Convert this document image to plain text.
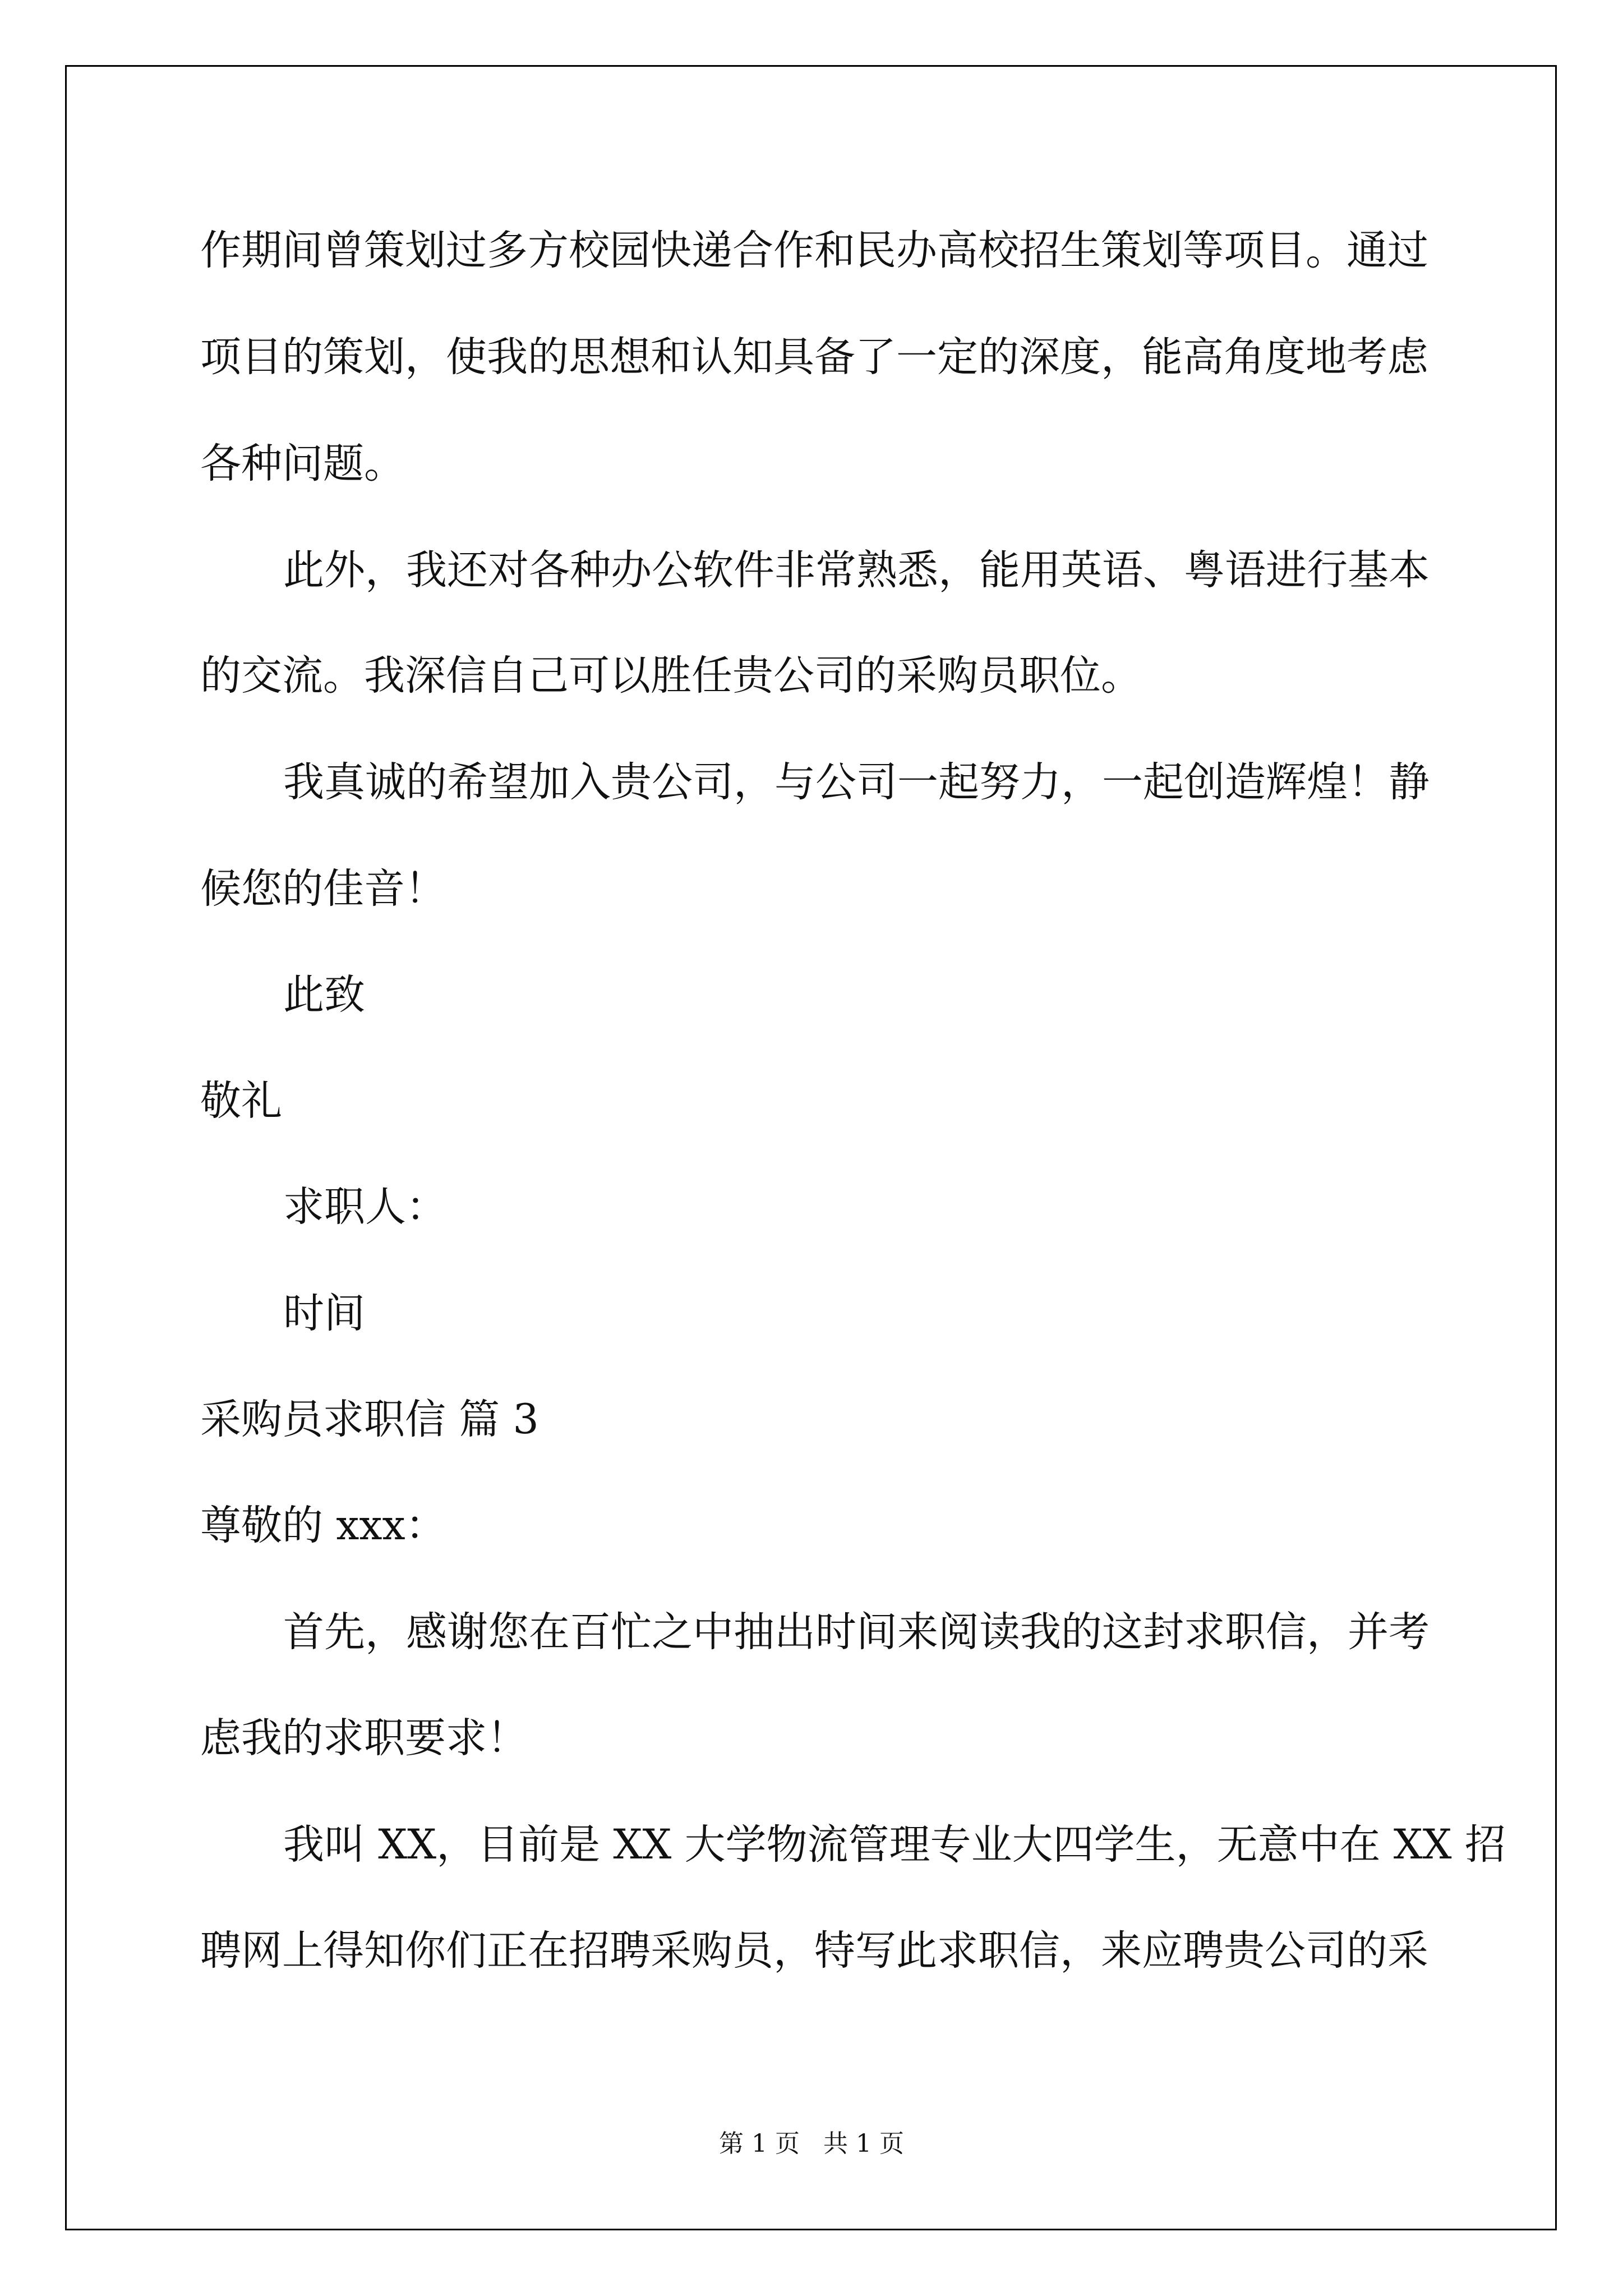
作期间曾策划过多方校园快递合作和民办高校招生策划等项目。通过
项目的策划，使我的思想和认知具备了一定的深度，能高角度地考虑
各种问题。
此外，我还对各种办公软件非常熟悉，能用英语、粤语进行基本
的交流。我深信自己可以胜任贵公司的采购员职位。
我真诚的希望加入贵公司，与公司一起努力，一起创造辉煌！静
候您的佳音！
此致
敬礼
求职人：
时间
采购员求职信 篇 3
尊敬的 xxx：
首先，感谢您在百忙之中抽出时间来阅读我的这封求职信，并考
虑我的求职要求！
我叫 XX，目前是 XX 大学物流管理专业大四学生，无意中在 XX 招
聘网上得知你们正在招聘采购员，特写此求职信，来应聘贵公司的采
第 1 页   共 1 页
